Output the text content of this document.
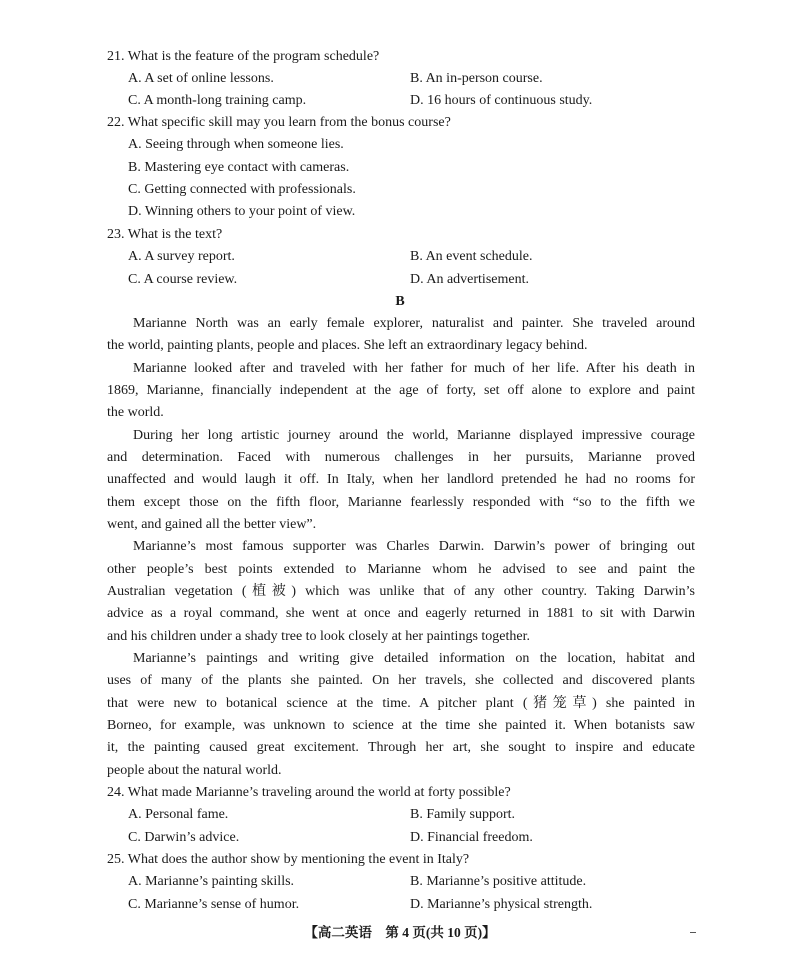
21. What is the feature of the program schedule?
A. A set of online lessons.	B. An in-person course.
C. A month-long training camp.	D. 16 hours of continuous study.
22. What specific skill may you learn from the bonus course?
A. Seeing through when someone lies.
B. Mastering eye contact with cameras.
C. Getting connected with professionals.
D. Winning others to your point of view.
23. What is the text?
A. A survey report.	B. An event schedule.
C. A course review.	D. An advertisement.
B
Marianne North was an early female explorer, naturalist and painter. She traveled around
the world, painting plants, people and places. She left an extraordinary legacy behind.
Marianne looked after and traveled with her father for much of her life. After his death in
1869, Marianne, financially independent at the age of forty, set off alone to explore and paint
the world.
During her long artistic journey around the world, Marianne displayed impressive courage
and determination. Faced with numerous challenges in her pursuits, Marianne proved
unaffected and would laugh it off. In Italy, when her landlord pretended he had no rooms for
them except those on the fifth floor, Marianne fearlessly responded with “so to the fifth we
went, and gained all the better view”.
Marianne’s most famous supporter was Charles Darwin. Darwin’s power of bringing out
other people’s best points extended to Marianne whom he advised to see and paint the
Australian vegetation (植被) which was unlike that of any other country. Taking Darwin’s
advice as a royal command, she went at once and eagerly returned in 1881 to sit with Darwin
and his children under a shady tree to look closely at her paintings together.
Marianne’s paintings and writing give detailed information on the location, habitat and
uses of many of the plants she painted. On her travels, she collected and discovered plants
that were new to botanical science at the time. A pitcher plant (猪笼草) she painted in
Borneo, for example, was unknown to science at the time she painted it. When botanists saw
it, the painting caused great excitement. Through her art, she sought to inspire and educate
people about the natural world.
24. What made Marianne’s traveling around the world at forty possible?
A. Personal fame.	B. Family support.
C. Darwin’s advice.	D. Financial freedom.
25. What does the author show by mentioning the event in Italy?
A. Marianne’s painting skills.	B. Marianne’s positive attitude.
C. Marianne’s sense of humor.	D. Marianne’s physical strength.
【高二英语　第 4 页(共 10 页)】
